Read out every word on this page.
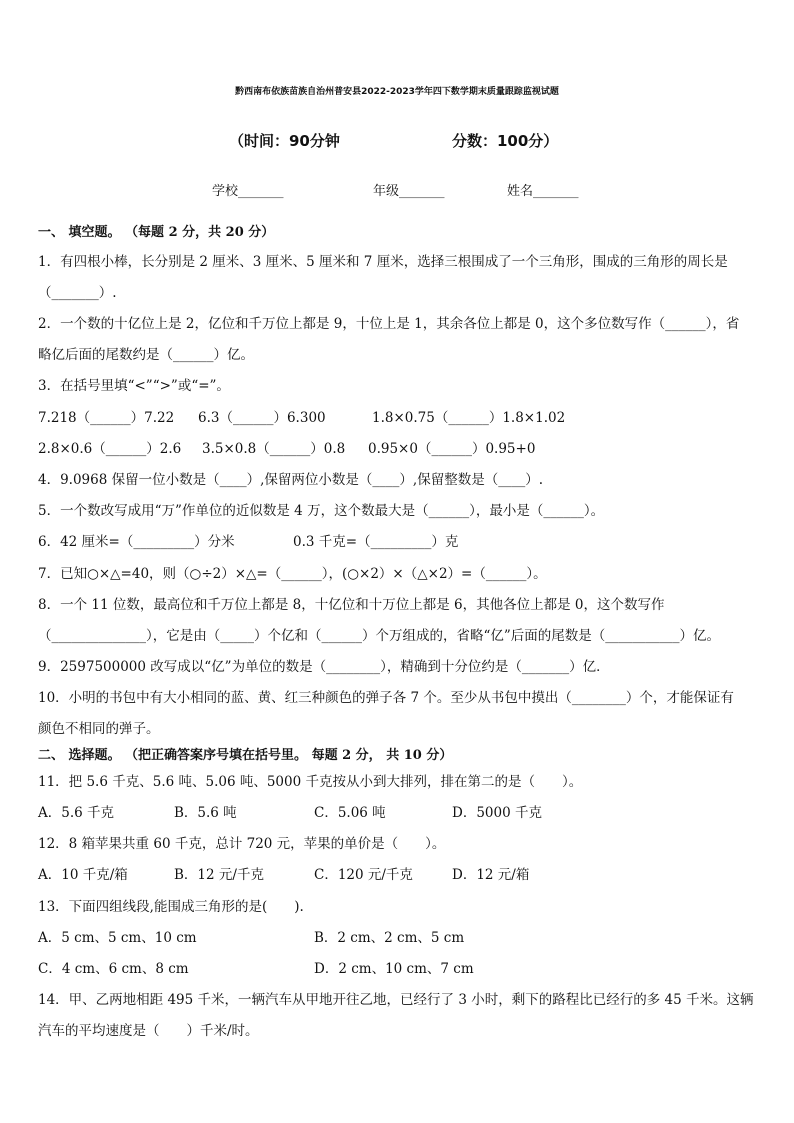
黔西南布依族苗族自治州普安县2022-2023学年四下数学期末质量跟踪监视试题
（时间：90分钟	分数：100分）
学校_______	年级_______	姓名_______
一、 填空题。 （每题 2 分，共 20 分）
1．有四根小棒，长分别是 2 厘米、3 厘米、5 厘米和 7 厘米，选择三根围成了一个三角形，围成的三角形的周长是
（_______）.
2．一个数的十亿位上是 2，亿位和千万位上都是 9，十位上是 1，其余各位上都是 0，这个多位数写作（______），省
略亿后面的尾数约是（______）亿。
3．在括号里填“<”“>”或“=”。
7.218（______）7.22 6.3（______）6.300	1.8×0.75（______）1.8×1.02
2.8×0.6（______）2.6 3.5×0.8（______）0.8 0.95×0（______）0.95+0
4．9.0968 保留一位小数是（____）,保留两位小数是（____）,保留整数是（____）.
5．一个数改写成用“万”作单位的近似数是 4 万，这个数最大是（______），最小是（______）。
6．42 厘米=（_________）分米	0.3 千克=（_________）克
7．已知○×△=40，则（○÷2）×△=（______），(○×2）×（△×2）=（______）。
8．一个 11 位数，最高位和千万位上都是 8，十亿位和十万位上都是 6，其他各位上都是 0，这个数写作
（______________），它是由（_____）个亿和（______）个万组成的，省略“亿”后面的尾数是（___________）亿。
9．2597500000 改写成以“亿”为单位的数是（________），精确到十分位约是（_______）亿．
10．小明的书包中有大小相同的蓝、黄、红三种颜色的弹子各 7 个。至少从书包中摸出（________）个，才能保证有
颜色不相同的弹子。
二、 选择题。 （把正确答案序号填在括号里。 每题 2 分， 共 10 分）
11．把 5.6 千克、5.6 吨、5.06 吨、5000 千克按从小到大排列，排在第二的是（　　）。
A．5.6 千克	B．5.6 吨	C．5.06 吨	D．5000 千克
12．8 箱苹果共重 60 千克，总计 720 元，苹果的单价是（　　）。
A．10 千克/箱	B．12 元/千克	C．120 元/千克	D．12 元/箱
13．下面四组线段,能围成三角形的是(　　).
A．5 cm、5 cm、10 cm	B．2 cm、2 cm、5 cm
C．4 cm、6 cm、8 cm	D．2 cm、10 cm、7 cm
14．甲、乙两地相距 495 千米，一辆汽车从甲地开往乙地，已经行了 3 小时，剩下的路程比已经行的多 45 千米。这辆
汽车的平均速度是（　　）千米/时。
